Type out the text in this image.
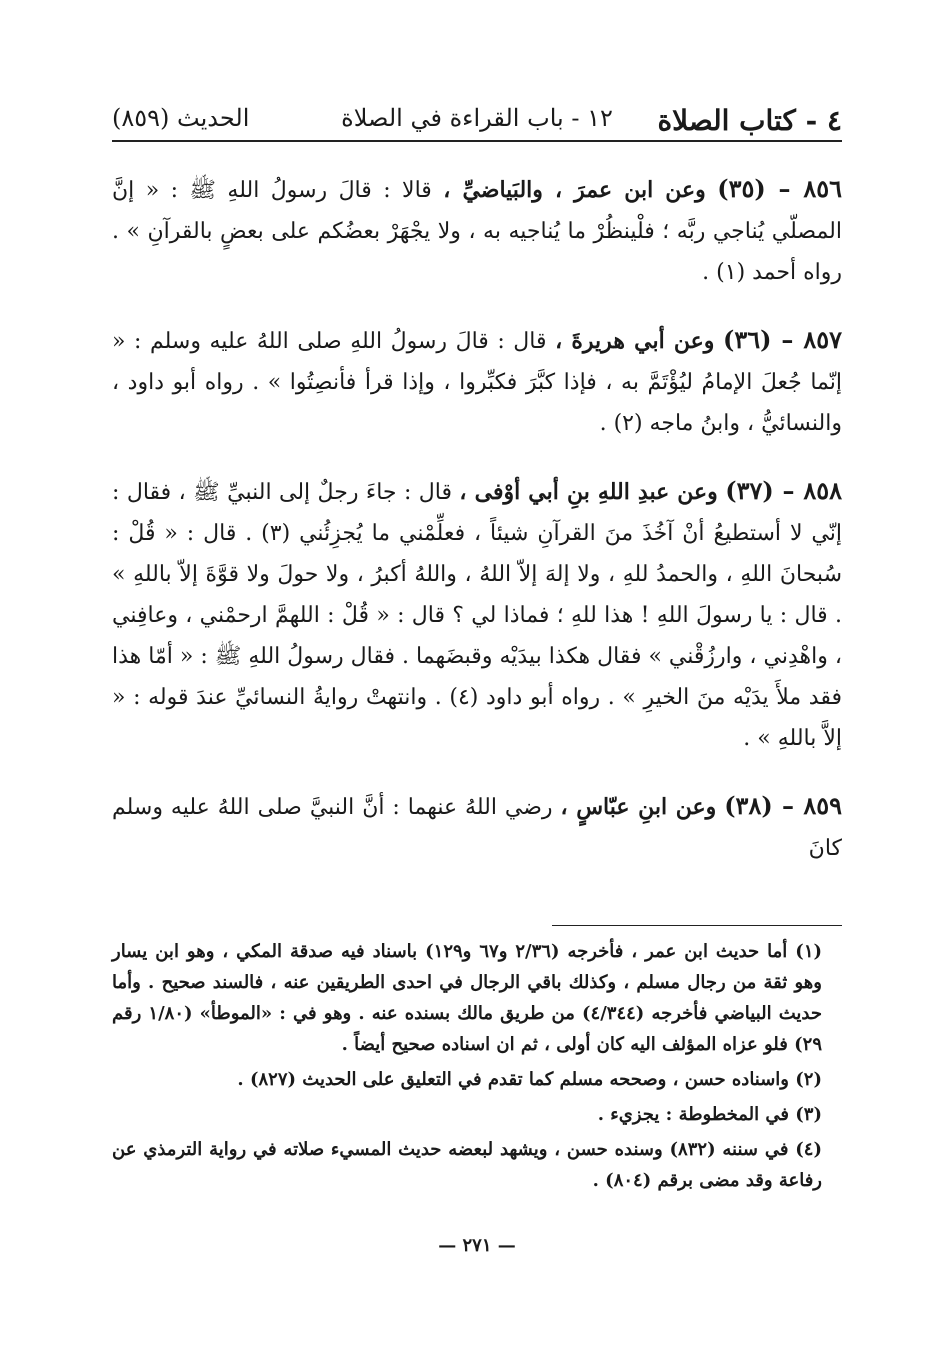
٤ - كتاب الصلاة
١٢ - باب القراءة في الصلاة
الحديث (٨٥٩)

٨٥٦ – (٣٥) وعن ابن عمرَ ، والبَياضيِّ ، قالا : قالَ رسولُ اللهِ ﷺ : « إنَّ المصلّي يُناجي ربَّه ؛ فلْينظُرْ ما يُناجيه به ، ولا يجْهَرْ بعضُكم على بعضٍ بالقرآنِ » . رواه أحمد (١) .

٨٥٧ – (٣٦) وعن أبي هريرةَ ، قال : قالَ رسولُ اللهِ صلى اللهُ عليه وسلم : « إنّما جُعلَ الإمامُ ليُؤْتَمَّ به ، فإذا كبَّرَ فكبِّروا ، وإذا قرأ فأنصِتُوا » . رواه أبو داود ، والنسائيُّ ، وابنُ ماجه (٢) .

٨٥٨ – (٣٧) وعن عبدِ اللهِ بنِ أبي أوْفى ، قال : جاءَ رجلٌ إلى النبيِّ ﷺ ، فقال : إنّي لا أستطيعُ أنْ آخُذَ منَ القرآنِ شيئاً ، فعلِّمْني ما يُجزِئُني (٣) . قال : « قُلْ : سُبحانَ اللهِ ، والحمدُ للهِ ، ولا إلهَ إلاّ اللهُ ، واللهُ أكبرُ ، ولا حولَ ولا قوَّةَ إلاّ باللهِ » . قال : يا رسولَ اللهِ ! هذا للهِ ؛ فماذا لي ؟ قال : « قُلْ : اللهمَّ ارحمْني ، وعافِني ، واهْدِني ، وارزُقْني » فقال هكذا بيدَيْه وقبضَهما . فقال رسولُ اللهِ ﷺ : « أمّا هذا فقد ملأَ يدَيْه منَ الخيرِ » . رواه أبو داود (٤) . وانتهتْ روايةُ النسائيِّ عندَ قوله : « إلاَّ باللهِ » .

٨٥٩ – (٣٨) وعن ابنِ عبّاسٍ ، رضي اللهُ عنهما : أنَّ النبيَّ صلى اللهُ عليه وسلم كانَ

(١) أما حديث ابن عمر ، فأخرجه (٢/٣٦ و٦٧ و١٢٩) باسناد فيه صدقة المكي ، وهو ابن يسار وهو ثقة من رجال مسلم ، وكذلك باقي الرجال في احدى الطريقين عنه ، فالسند صحيح . وأما حديث البياضي فأخرجه (٤/٣٤٤) من طريق مالك بسنده عنه . وهو في : «الموطأ» (١/٨٠ رقم ٢٩) فلو عزاه المؤلف اليه كان أولى ، ثم ان اسناده صحيح أيضاً .

(٢) واسناده حسن ، وصححه مسلم كما تقدم في التعليق على الحديث (٨٢٧) .

(٣) في المخطوطة : يجزيء .

(٤) في سننه (٨٣٢) وسنده حسن ، ويشهد لبعضه حديث المسيء صلاته في رواية الترمذي عن رفاعة وقد مضى برقم (٨٠٤) .

— ٢٧١ —
